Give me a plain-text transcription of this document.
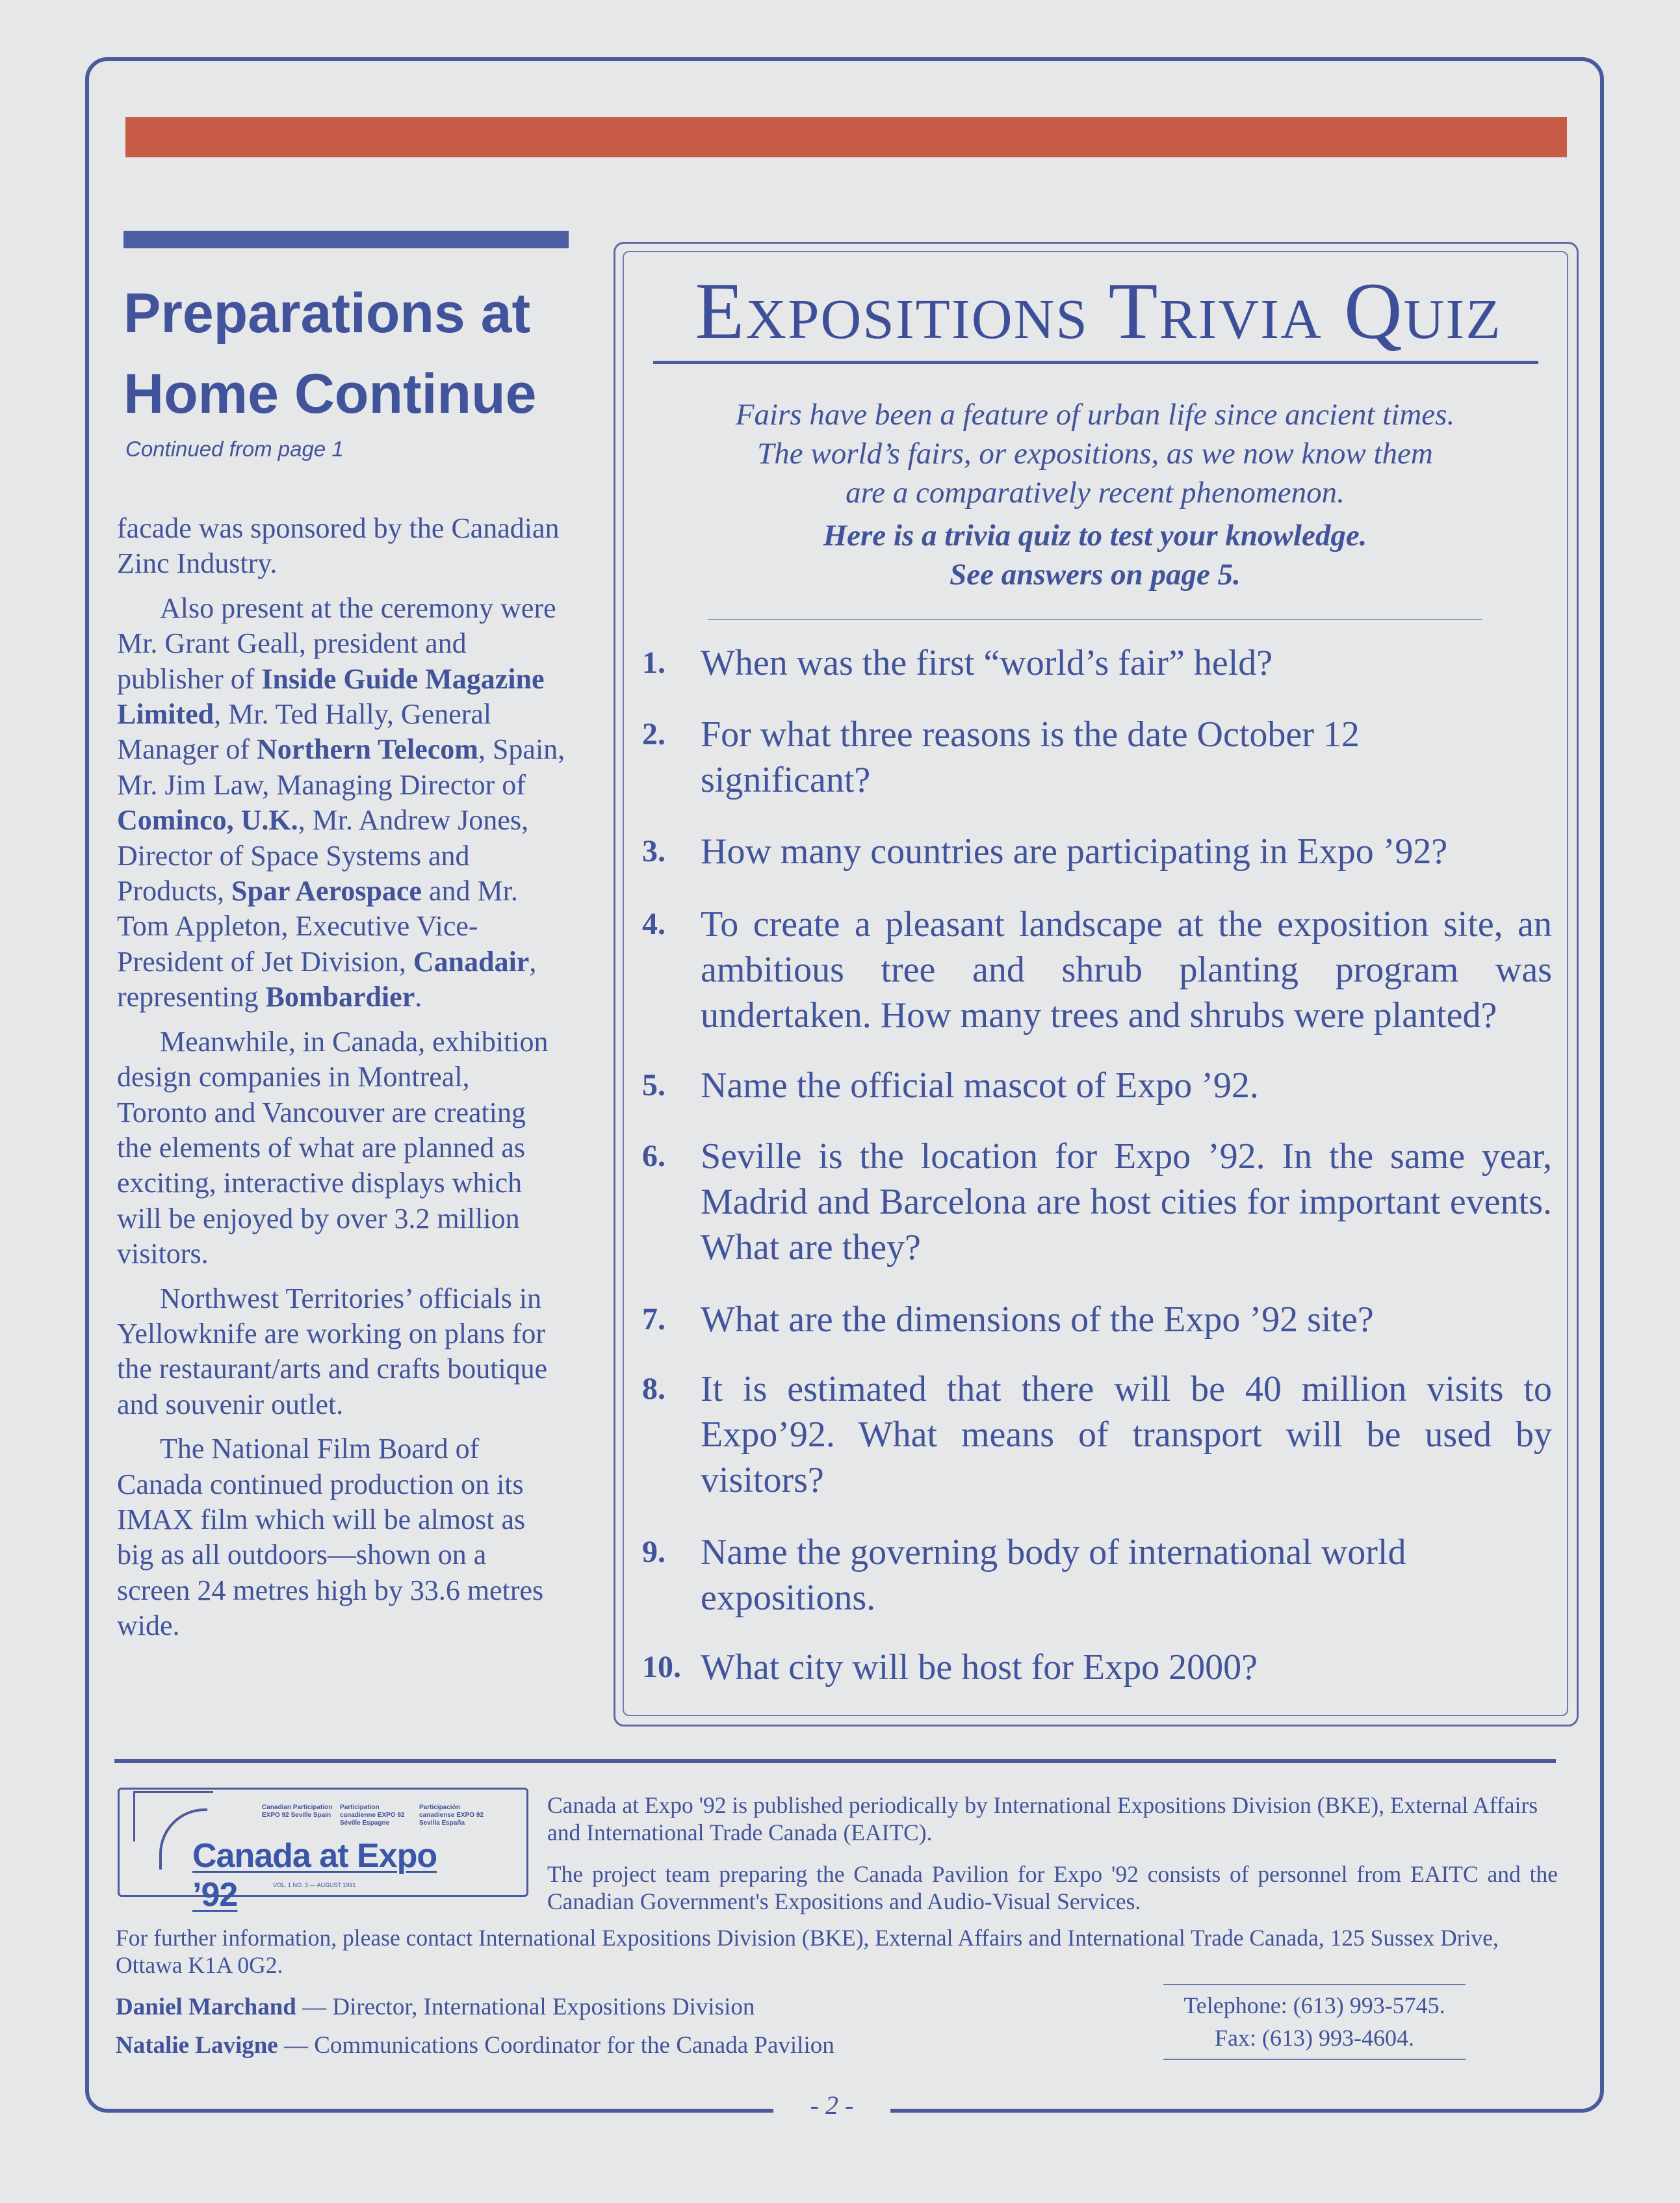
- 2 -
Preparations at Home Continue
Continued from page 1

facade was sponsored by the Canadian Zinc Industry.

Also present at the ceremony were Mr. Grant Geall, president and publisher of Inside Guide Magazine Limited, Mr. Ted Hally, General Manager of Northern Telecom, Spain, Mr. Jim Law, Managing Director of Cominco, U.K., Mr. Andrew Jones, Director of Space Systems and Products, Spar Aerospace and Mr. Tom Appleton, Executive Vice-President of Jet Division, Canadair, representing Bombardier.

Meanwhile, in Canada, exhibition design companies in Montreal, Toronto and Vancouver are creating the elements of what are planned as exciting, interactive displays which will be enjoyed by over 3.2 million visitors.

Northwest Territories’ officials in Yellowknife are working on plans for the restaurant/arts and crafts boutique and souvenir outlet.

The National Film Board of Canada continued production on its IMAX film which will be almost as big as all outdoors—shown on a screen 24 metres high by 33.6 metres wide.

Expositions Trivia Quiz
Fairs have been a feature of urban life since ancient times.
The world’s fairs, or expositions, as we now know them
are a comparatively recent phenomenon.
Here is a trivia quiz to test your knowledge.
See answers on page 5.
1. When was the first “world’s fair” held?
2. For what three reasons is the date October 12 significant?
3. How many countries are participating in Expo ’92?
4. To create a pleasant landscape at the exposition site, an ambitious tree and shrub planting program was undertaken. How many trees and shrubs were planted?
5. Name the official mascot of Expo ’92.
6. Seville is the location for Expo ’92. In the same year, Madrid and Barcelona are host cities for important events. What are they?
7. What are the dimensions of the Expo ’92 site?
8. It is estimated that there will be 40 million visits to Expo’92. What means of transport will be used by visitors?
9. Name the governing body of international world expositions.
10. What city will be host for Expo 2000?
Canadian Participation EXPO 92 Seville Spain
Participation canadienne EXPO 92 Séville Espagne
Participación canadiense EXPO 92 Sevilla España
Canada at Expo ’92	VOL. 1 NO. 3 — AUGUST 1991
Canada at Expo '92 is published periodically by International Expositions Division (BKE), External Affairs and International Trade Canada (EAITC).
The project team preparing the Canada Pavilion for Expo '92 consists of personnel from EAITC and the Canadian Government's Expositions and Audio-Visual Services.
For further information, please contact International Expositions Division (BKE), External Affairs and International Trade Canada, 125 Sussex Drive, Ottawa K1A 0G2.
Daniel Marchand — Director, International Expositions Division
Natalie Lavigne — Communications Coordinator for the Canada Pavilion
Telephone: (613) 993-5745.
Fax: (613) 993-4604.
